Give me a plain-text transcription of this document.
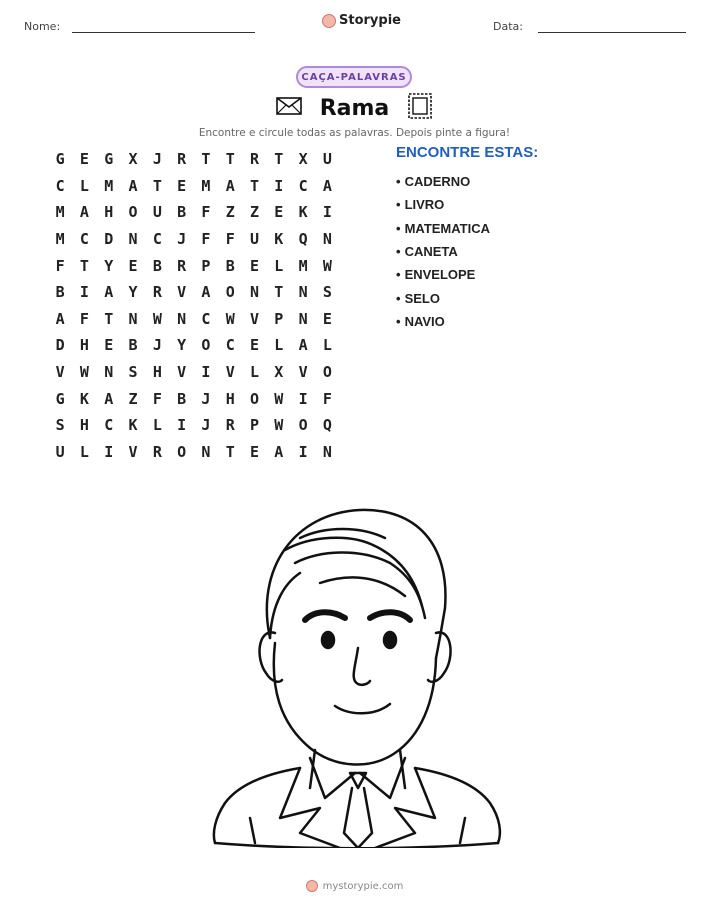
Nome:	Storypie	Data:
CAÇA-PALAVRAS
Rama
Encontre e circule todas as palavras. Depois pinte a figura!
G	E	G	X	J	R	T	T	R	T	X	U
C	L	M	A	T	E	M	A	T	I	C	A
M	A	H	O	U	B	F	Z	Z	E	K	I
M	C	D	N	C	J	F	F	U	K	Q	N
F	T	Y	E	B	R	P	B	E	L	M	W
B	I	A	Y	R	V	A	O	N	T	N	S
A	F	T	N	W	N	C	W	V	P	N	E
D	H	E	B	J	Y	O	C	E	L	A	L
V	W	N	S	H	V	I	V	L	X	V	O
G	K	A	Z	F	B	J	H	O	W	I	F
S	H	C	K	L	I	J	R	P	W	O	Q
U	L	I	V	R	O	N	T	E	A	I	N
ENCONTRE ESTAS:
• CADERNO
• LIVRO
• MATEMATICA
• CANETA
• ENVELOPE
• SELO
• NAVIO
mystorypie.com
